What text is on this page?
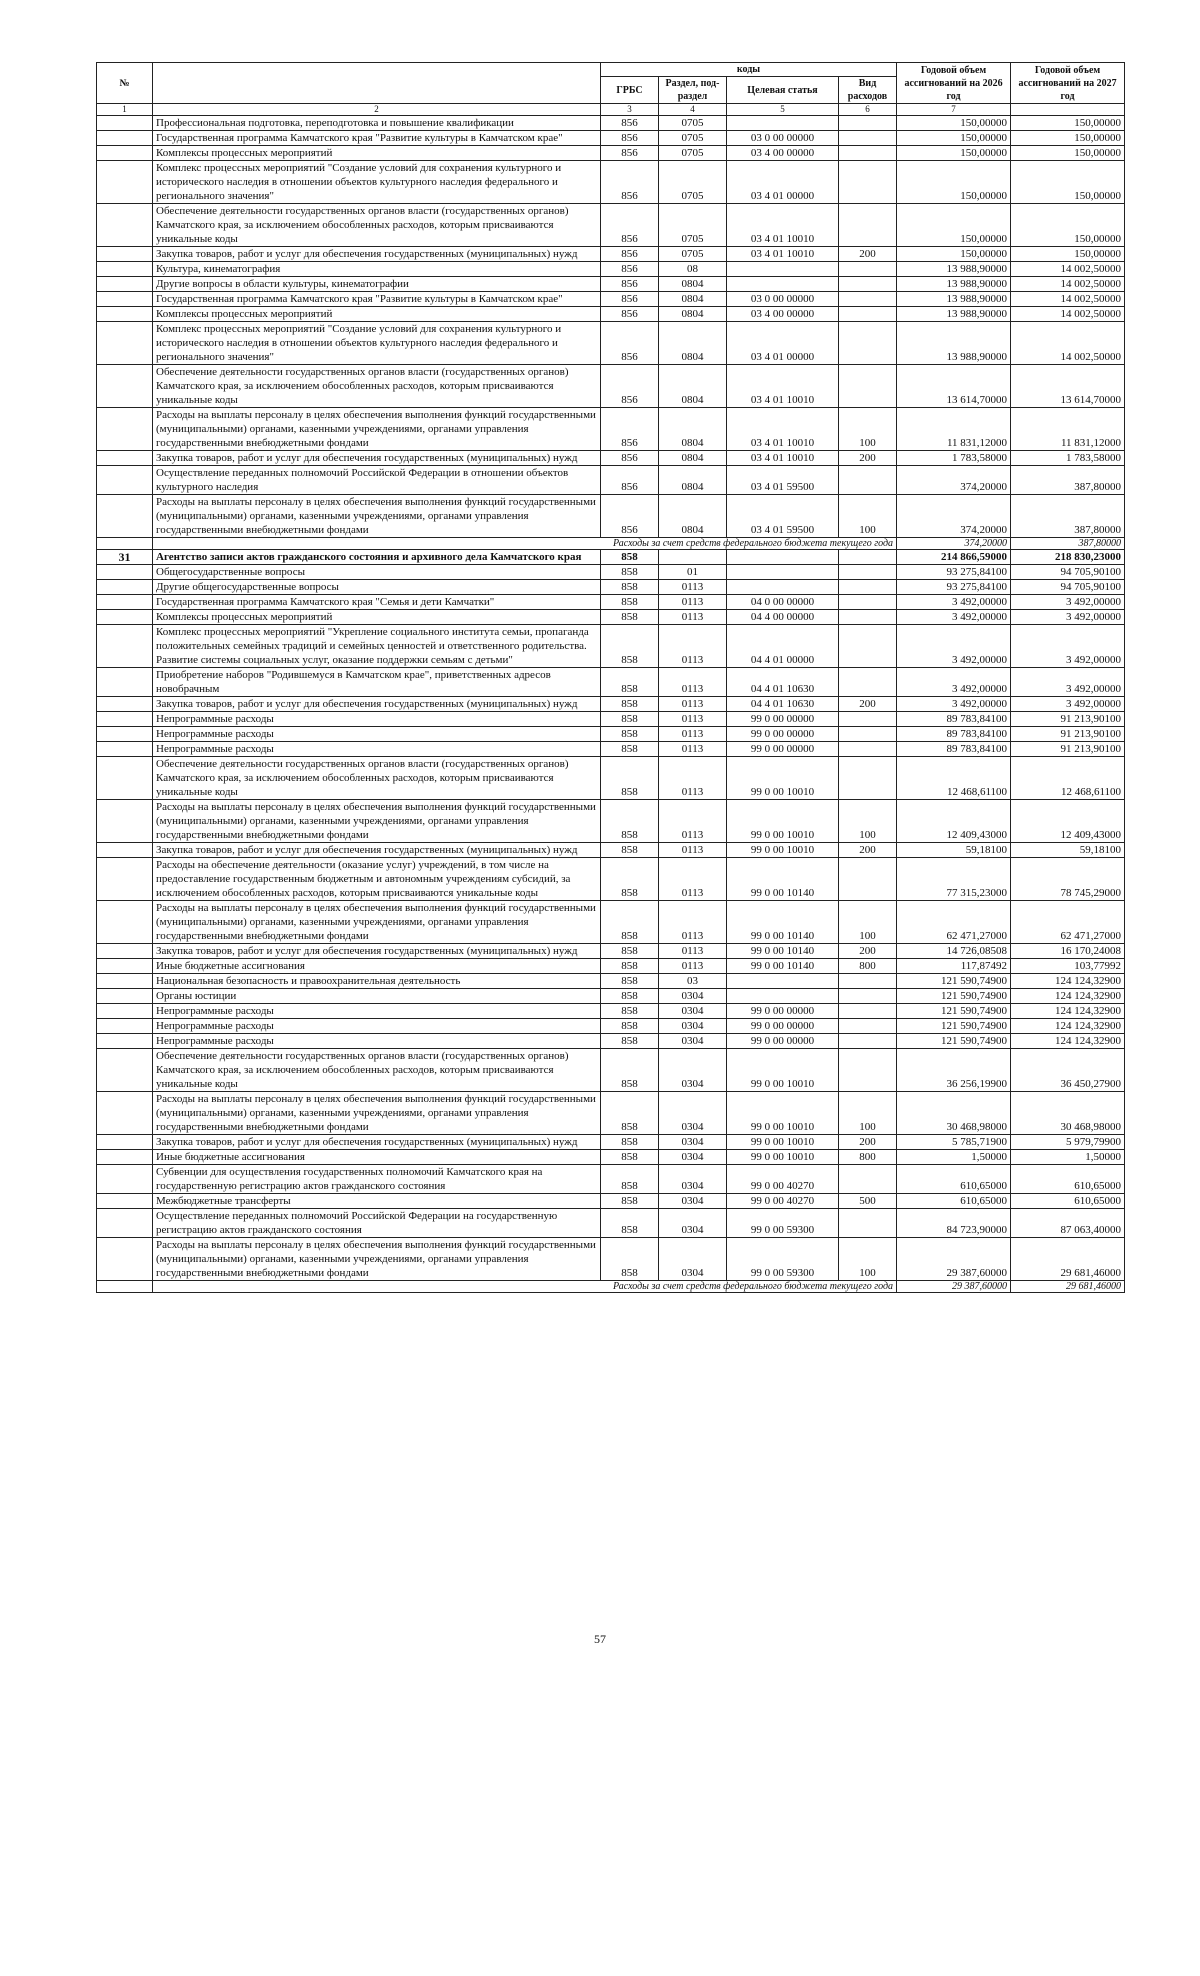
№		коды				Годовой объем ассигнований на 2026 год	Годовой объем ассигнований на 2027 год
		ГРБС	Раздел, под-раздел	Целевая статья	Вид расходов		
1	2	3	4	5	6	7	
	Профессиональная подготовка, переподготовка и повышение квалификации	856	0705			150,00000	150,00000
	Государственная программа Камчатского края "Развитие культуры в Камчатском крае"	856	0705	03 0 00 00000		150,00000	150,00000
	Комплексы процессных мероприятий	856	0705	03 4 00 00000		150,00000	150,00000
	Комплекс процессных мероприятий "Создание условий для сохранения культурного и исторического наследия в отношении объектов культурного наследия федерального и регионального значения"	856	0705	03 4 01 00000		150,00000	150,00000
	Обеспечение деятельности государственных органов власти (государственных органов) Камчатского края, за исключением обособленных расходов, которым присваиваются уникальные коды	856	0705	03 4 01 10010		150,00000	150,00000
	Закупка товаров, работ и услуг для обеспечения государственных (муниципальных) нужд	856	0705	03 4 01 10010	200	150,00000	150,00000
	Культура, кинематография	856	08			13 988,90000	14 002,50000
	Другие вопросы в области культуры, кинематографии	856	0804			13 988,90000	14 002,50000
	Государственная программа Камчатского края "Развитие культуры в Камчатском крае"	856	0804	03 0 00 00000		13 988,90000	14 002,50000
	Комплексы процессных мероприятий	856	0804	03 4 00 00000		13 988,90000	14 002,50000
	Комплекс процессных мероприятий "Создание условий для сохранения культурного и исторического наследия в отношении объектов культурного наследия федерального и регионального значения"	856	0804	03 4 01 00000		13 988,90000	14 002,50000
	Обеспечение деятельности государственных органов власти (государственных органов) Камчатского края, за исключением обособленных расходов, которым присваиваются уникальные коды	856	0804	03 4 01 10010		13 614,70000	13 614,70000
	Расходы на выплаты персоналу в целях обеспечения выполнения функций государственными (муниципальными) органами, казенными учреждениями, органами управления государственными внебюджетными фондами	856	0804	03 4 01 10010	100	11 831,12000	11 831,12000
	Закупка товаров, работ и услуг для обеспечения государственных (муниципальных) нужд	856	0804	03 4 01 10010	200	1 783,58000	1 783,58000
	Осуществление переданных полномочий Российской Федерации в отношении объектов культурного наследия	856	0804	03 4 01 59500		374,20000	387,80000
	Расходы на выплаты персоналу в целях обеспечения выполнения функций государственными (муниципальными) органами, казенными учреждениями, органами управления государственными внебюджетными фондами	856	0804	03 4 01 59500	100	374,20000	387,80000
	Расходы за счет средств федерального бюджета текущего года					374,20000	387,80000
31	Агентство записи актов гражданского состояния и архивного дела Камчатского края	858				214 866,59000	218 830,23000
	Общегосударственные вопросы	858	01			93 275,84100	94 705,90100
	Другие общегосударственные вопросы	858	0113			93 275,84100	94 705,90100
	Государственная программа Камчатского края "Семья и дети Камчатки"	858	0113	04 0 00 00000		3 492,00000	3 492,00000
	Комплексы процессных мероприятий	858	0113	04 4 00 00000		3 492,00000	3 492,00000
	Комплекс процессных мероприятий "Укрепление социального института семьи, пропаганда положительных семейных традиций и семейных ценностей и ответственного родительства. Развитие системы социальных услуг, оказание поддержки семьям с детьми"	858	0113	04 4 01 00000		3 492,00000	3 492,00000
	Приобретение наборов "Родившемуся в Камчатском крае", приветственных адресов новобрачным	858	0113	04 4 01 10630		3 492,00000	3 492,00000
	Закупка товаров, работ и услуг для обеспечения государственных (муниципальных) нужд	858	0113	04 4 01 10630	200	3 492,00000	3 492,00000
	Непрограммные расходы	858	0113	99 0 00 00000		89 783,84100	91 213,90100
	Непрограммные расходы	858	0113	99 0 00 00000		89 783,84100	91 213,90100
	Непрограммные расходы	858	0113	99 0 00 00000		89 783,84100	91 213,90100
	Обеспечение деятельности государственных органов власти (государственных органов) Камчатского края, за исключением обособленных расходов, которым присваиваются уникальные коды	858	0113	99 0 00 10010		12 468,61100	12 468,61100
	Расходы на выплаты персоналу в целях обеспечения выполнения функций государственными (муниципальными) органами, казенными учреждениями, органами управления государственными внебюджетными фондами	858	0113	99 0 00 10010	100	12 409,43000	12 409,43000
	Закупка товаров, работ и услуг для обеспечения государственных (муниципальных) нужд	858	0113	99 0 00 10010	200	59,18100	59,18100
	Расходы на обеспечение деятельности (оказание услуг) учреждений, в том числе на предоставление государственным бюджетным и автономным учреждениям субсидий, за исключением обособленных расходов, которым присваиваются уникальные коды	858	0113	99 0 00 10140		77 315,23000	78 745,29000
	Расходы на выплаты персоналу в целях обеспечения выполнения функций государственными (муниципальными) органами, казенными учреждениями, органами управления государственными внебюджетными фондами	858	0113	99 0 00 10140	100	62 471,27000	62 471,27000
	Закупка товаров, работ и услуг для обеспечения государственных (муниципальных) нужд	858	0113	99 0 00 10140	200	14 726,08508	16 170,24008
	Иные бюджетные ассигнования	858	0113	99 0 00 10140	800	117,87492	103,77992
	Национальная безопасность и правоохранительная деятельность	858	03			121 590,74900	124 124,32900
	Органы юстиции	858	0304			121 590,74900	124 124,32900
	Непрограммные расходы	858	0304	99 0 00 00000		121 590,74900	124 124,32900
	Непрограммные расходы	858	0304	99 0 00 00000		121 590,74900	124 124,32900
	Непрограммные расходы	858	0304	99 0 00 00000		121 590,74900	124 124,32900
	Обеспечение деятельности государственных органов власти (государственных органов) Камчатского края, за исключением обособленных расходов, которым присваиваются уникальные коды	858	0304	99 0 00 10010		36 256,19900	36 450,27900
	Расходы на выплаты персоналу в целях обеспечения выполнения функций государственными (муниципальными) органами, казенными учреждениями, органами управления государственными внебюджетными фондами	858	0304	99 0 00 10010	100	30 468,98000	30 468,98000
	Закупка товаров, работ и услуг для обеспечения государственных (муниципальных) нужд	858	0304	99 0 00 10010	200	5 785,71900	5 979,79900
	Иные бюджетные ассигнования	858	0304	99 0 00 10010	800	1,50000	1,50000
	Субвенции для осуществления государственных полномочий Камчатского края на государственную регистрацию актов гражданского состояния	858	0304	99 0 00 40270		610,65000	610,65000
	Межбюджетные трансферты	858	0304	99 0 00 40270	500	610,65000	610,65000
	Осуществление переданных полномочий Российской Федерации на государственную регистрацию актов гражданского состояния	858	0304	99 0 00 59300		84 723,90000	87 063,40000
	Расходы на выплаты персоналу в целях обеспечения выполнения функций государственными (муниципальными) органами, казенными учреждениями, органами управления государственными внебюджетными фондами	858	0304	99 0 00 59300	100	29 387,60000	29 681,46000
	Расходы за счет средств федерального бюджета текущего года					29 387,60000	29 681,46000
57
